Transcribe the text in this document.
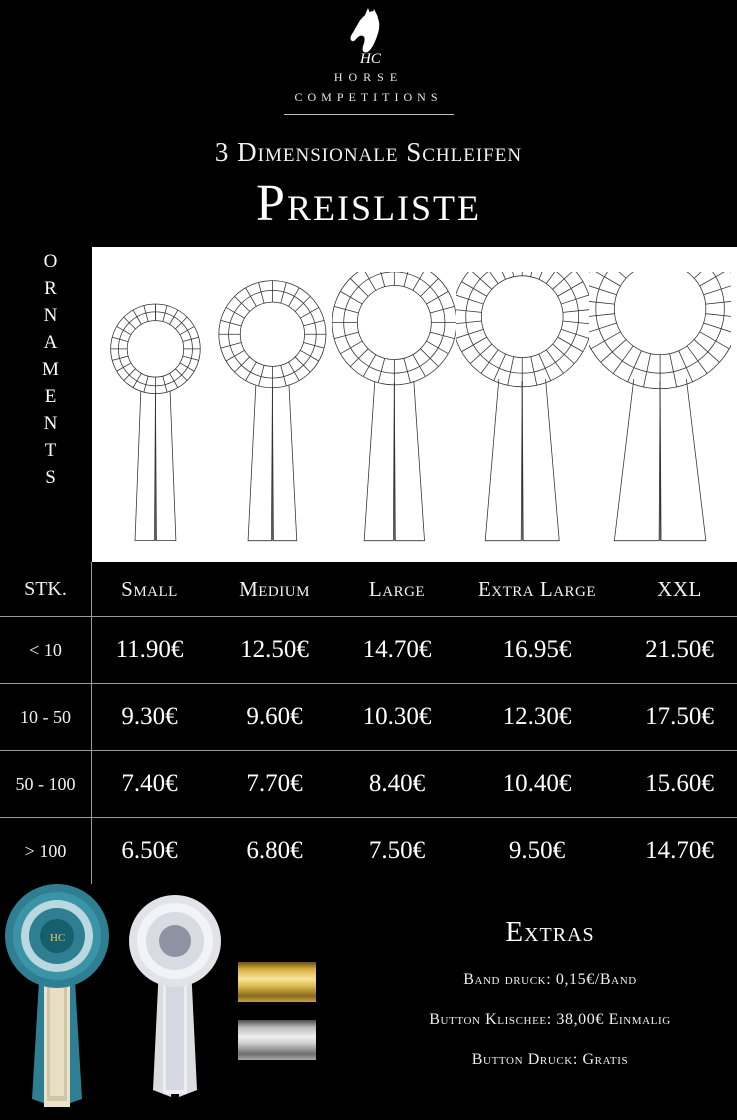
HC
HORSE
COMPETITIONS
3 Dimensionale Schleifen
Preisliste
O
R
N
A
M
E
N
T
S
STK.	Small	Medium	Large	Extra Large	XXL
< 10	11.90€	12.50€	14.70€	16.95€	21.50€
10 - 50	9.30€	9.60€	10.30€	12.30€	17.50€
50 - 100	7.40€	7.70€	8.40€	10.40€	15.60€
> 100	6.50€	6.80€	7.50€	9.50€	14.70€
HC	Extras
Band druck: 0,15€/Band
Button Klischee: 38,00€ Einmalig
Button Druck: Gratis
